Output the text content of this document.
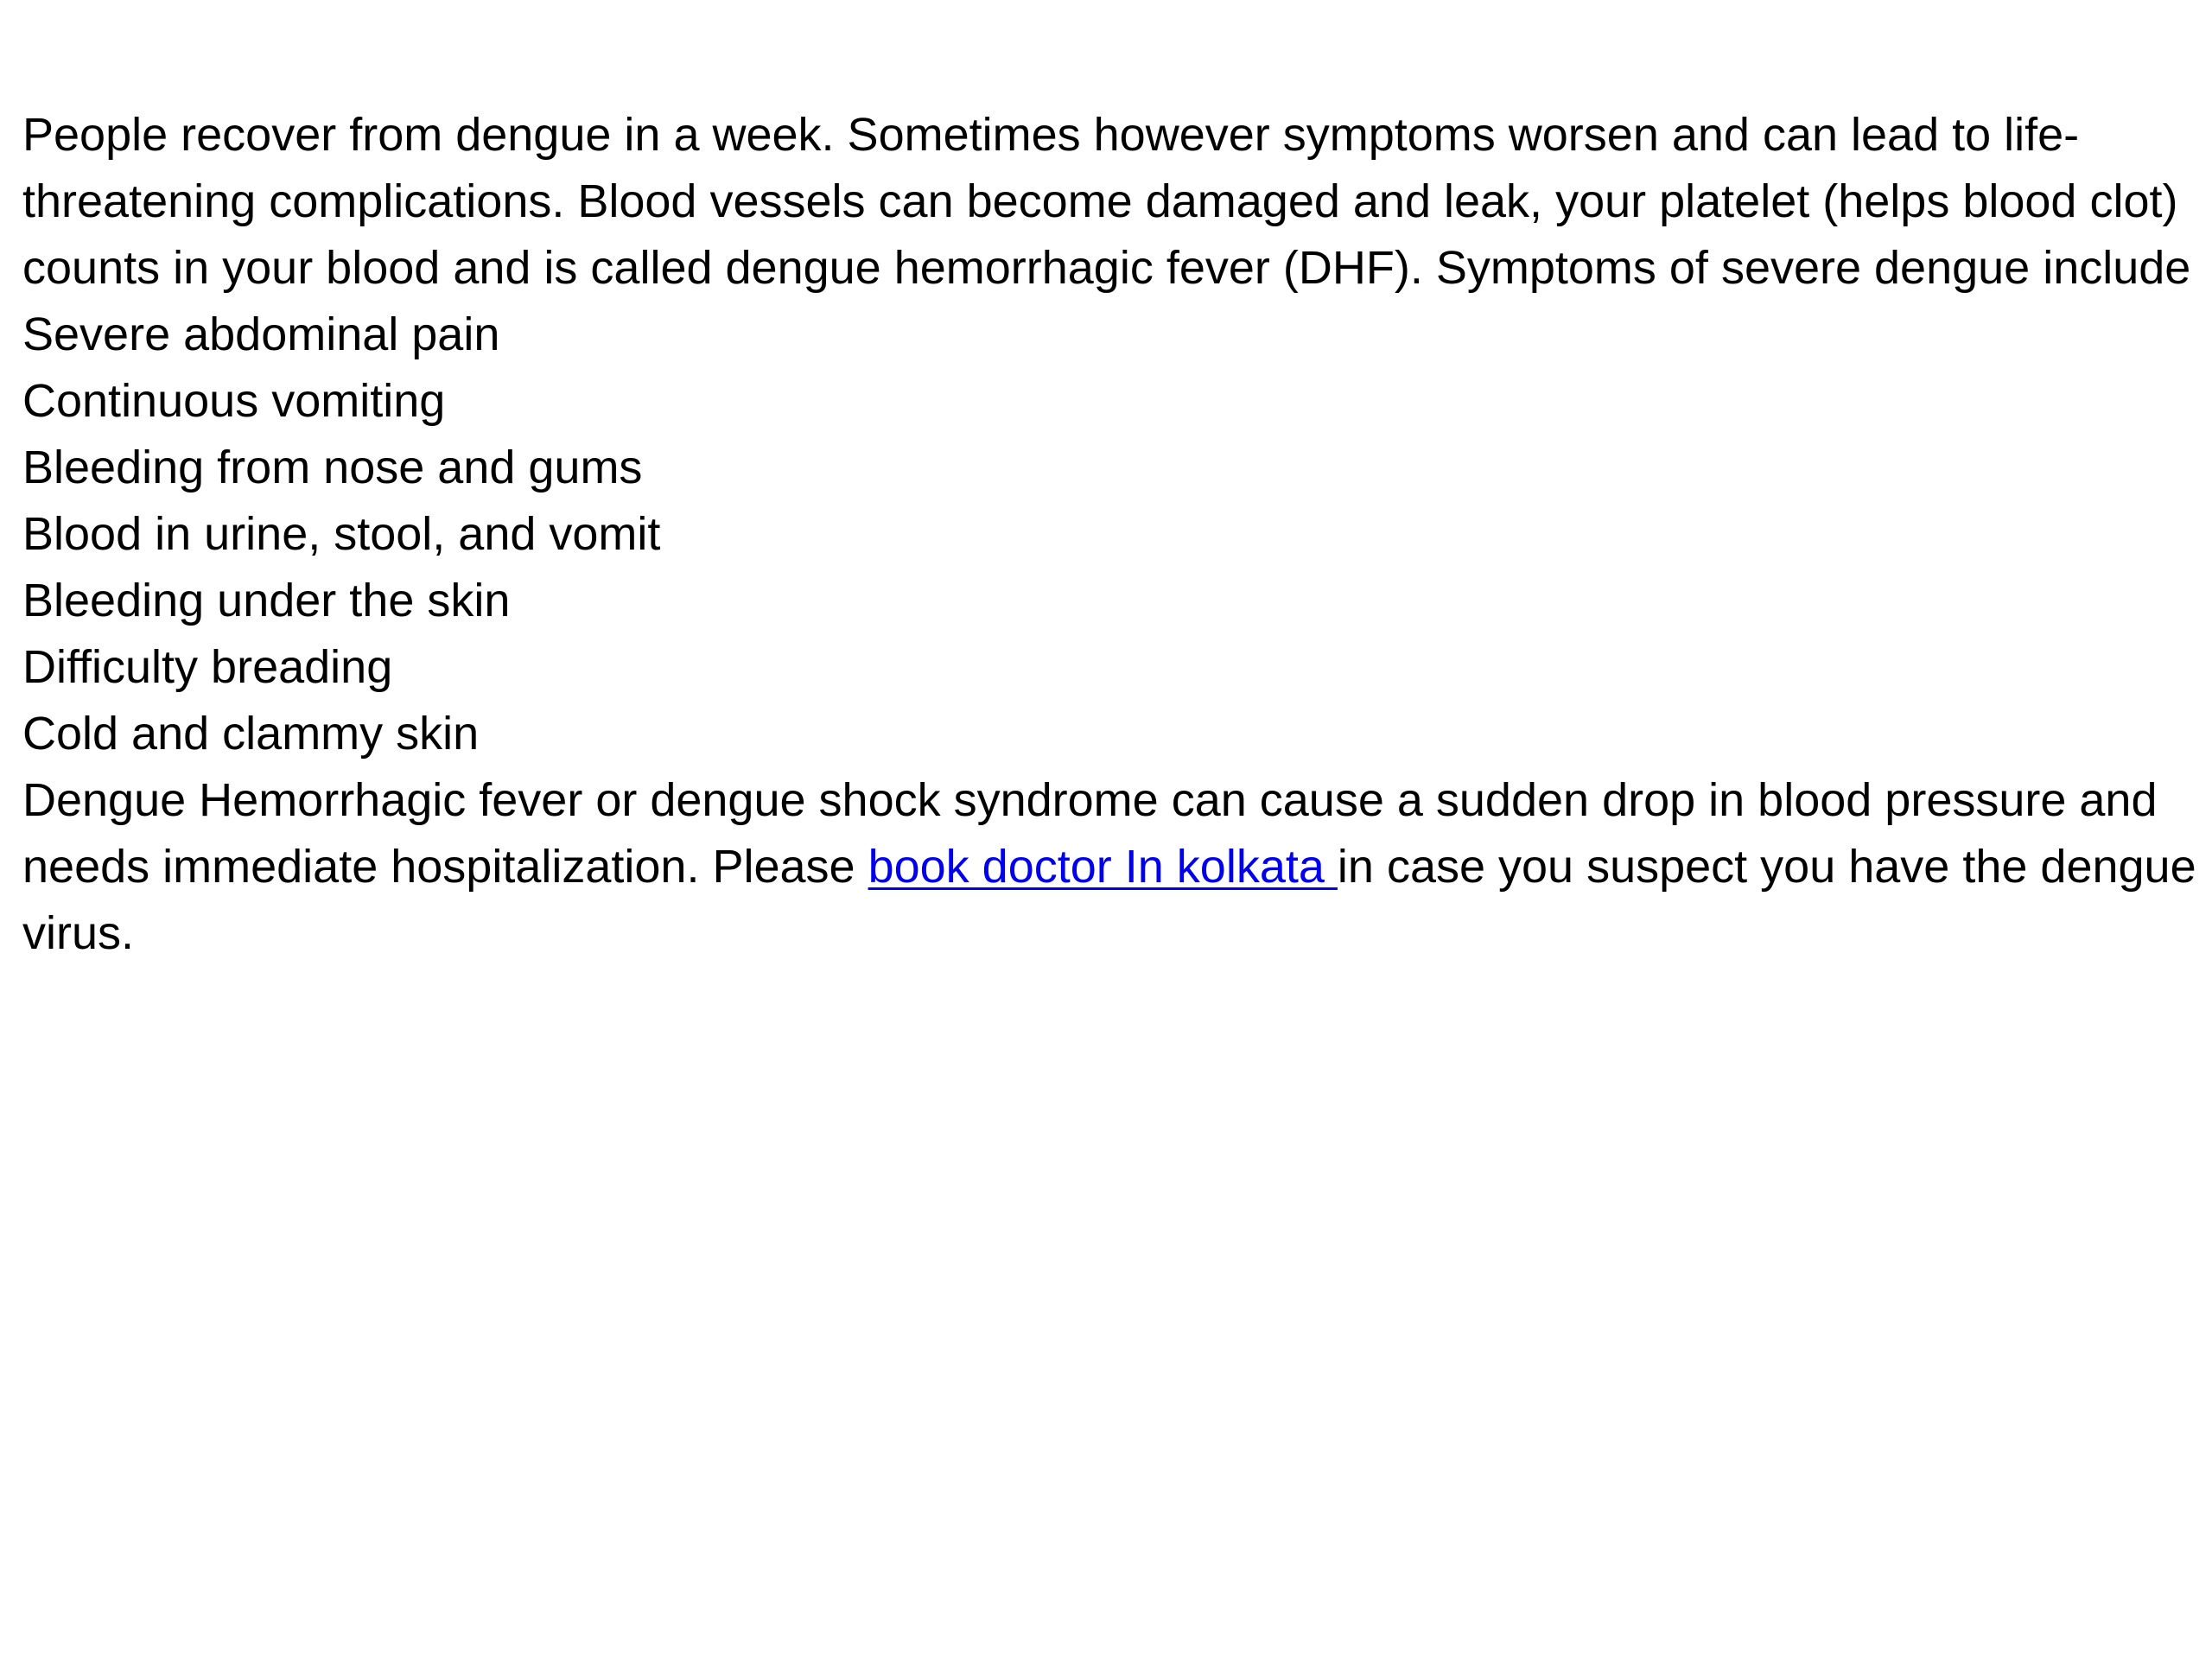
People recover from dengue in a week. Sometimes however symptoms worsen and can lead to life-threatening complications. Blood vessels can become damaged and leak, your platelet (helps blood clot) counts in your blood and is called dengue hemorrhagic fever (DHF). Symptoms of severe dengue include

Severe abdominal pain

Continuous vomiting

Bleeding from nose and gums

Blood in urine, stool, and vomit

Bleeding under the skin

Difficulty breading

Cold and clammy skin

Dengue Hemorrhagic fever or dengue shock syndrome can cause a sudden drop in blood pressure and needs immediate hospitalization. Please book doctor In kolkata in case you suspect you have the dengue virus.
